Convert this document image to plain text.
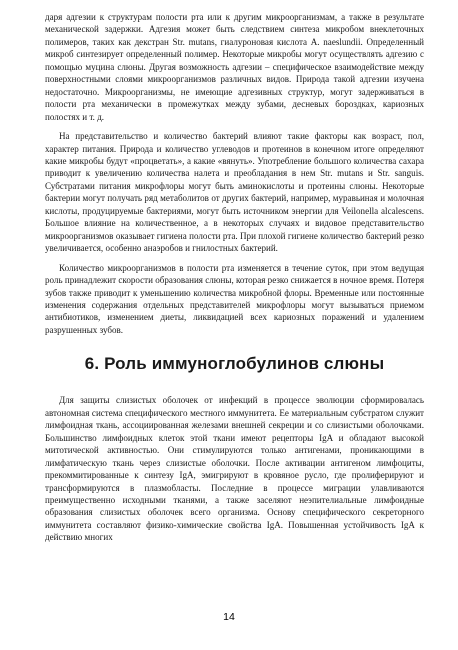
даря адгезии к структурам полости рта или к другим микроорганизмам, а также в результате механической задержки. Адгезия может быть следствием синтеза микробом внеклеточных полимеров, таких как декстран Str. mutans, гиалуроновая кислота A. naeslundii. Определенный микроб синтезирует определенный полимер. Некоторые микробы могут осуществлять адгезию с помощью муцина слюны. Другая возможность адгезии – специфическое взаимодействие между поверхностными слоями микроорганизмов различных видов. Природа такой адгезии изучена недостаточно. Микроорганизмы, не имеющие адгезивных структур, могут задерживаться в полости рта механически в промежутках между зубами, десневых бороздках, кариозных полостях и т. д.

На представительство и количество бактерий влияют такие факторы как возраст, пол, характер питания. Природа и количество углеводов и протеинов в конечном итоге определяют какие микробы будут «процветать», а какие «вянуть». Употребление большого количества сахара приводит к увеличению количества налета и преобладания в нем Str. mutans и Str. sanguis. Субстратами питания микрофлоры могут быть аминокислоты и протеины слюны. Некоторые бактерии могут получать ряд метаболитов от других бактерий, например, муравьиная и молочная кислоты, продуцируемые бактериями, могут быть источником энергии для Veilonella alcalescens. Большое влияние на количественное, а в некоторых случаях и видовое представительство микроорганизмов оказывает гигиена полости рта. При плохой гигиене количество бактерий резко увеличивается, особенно анаэробов и гнилостных бактерий.

Количество микроорганизмов в полости рта изменяется в течение суток, при этом ведущая роль принадлежит скорости образования слюны, которая резко снижается в ночное время. Потеря зубов также приводит к уменьшению количества микробной флоры. Временные или постоянные изменения содержания отдельных представителей микрофлоры могут вызываться приемом антибиотиков, изменением диеты, ликвидацией всех кариозных поражений и удалением разрушенных зубов.

6. Роль иммуноглобулинов слюны

Для защиты слизистых оболочек от инфекций в процессе эволюции сформировалась автономная система специфического местного иммунитета. Ее материальным субстратом служит лимфоидная ткань, ассоциированная железами внешней секреции и со слизистыми оболочками. Большинство лимфоидных клеток этой ткани имеют рецепторы IgA и обладают высокой митотической активностью. Они стимулируются только антигенами, проникающими в лимфатическую ткань через слизистые оболочки. После активации антигеном лимфоциты, прекоммитированные к синтезу IgA, эмигрируют в кровяное русло, где пролиферируют и трансформируются в плазмобласты. Последние в процессе миграции улавливаются преимущественно исходными тканями, а также заселяют неэпителиальные лимфоидные образования слизистых оболочек всего организма. Основу специфического секреторного иммунитета составляют физико-химические свойства IgA. Повышенная устойчивость IgA к действию многих

14
